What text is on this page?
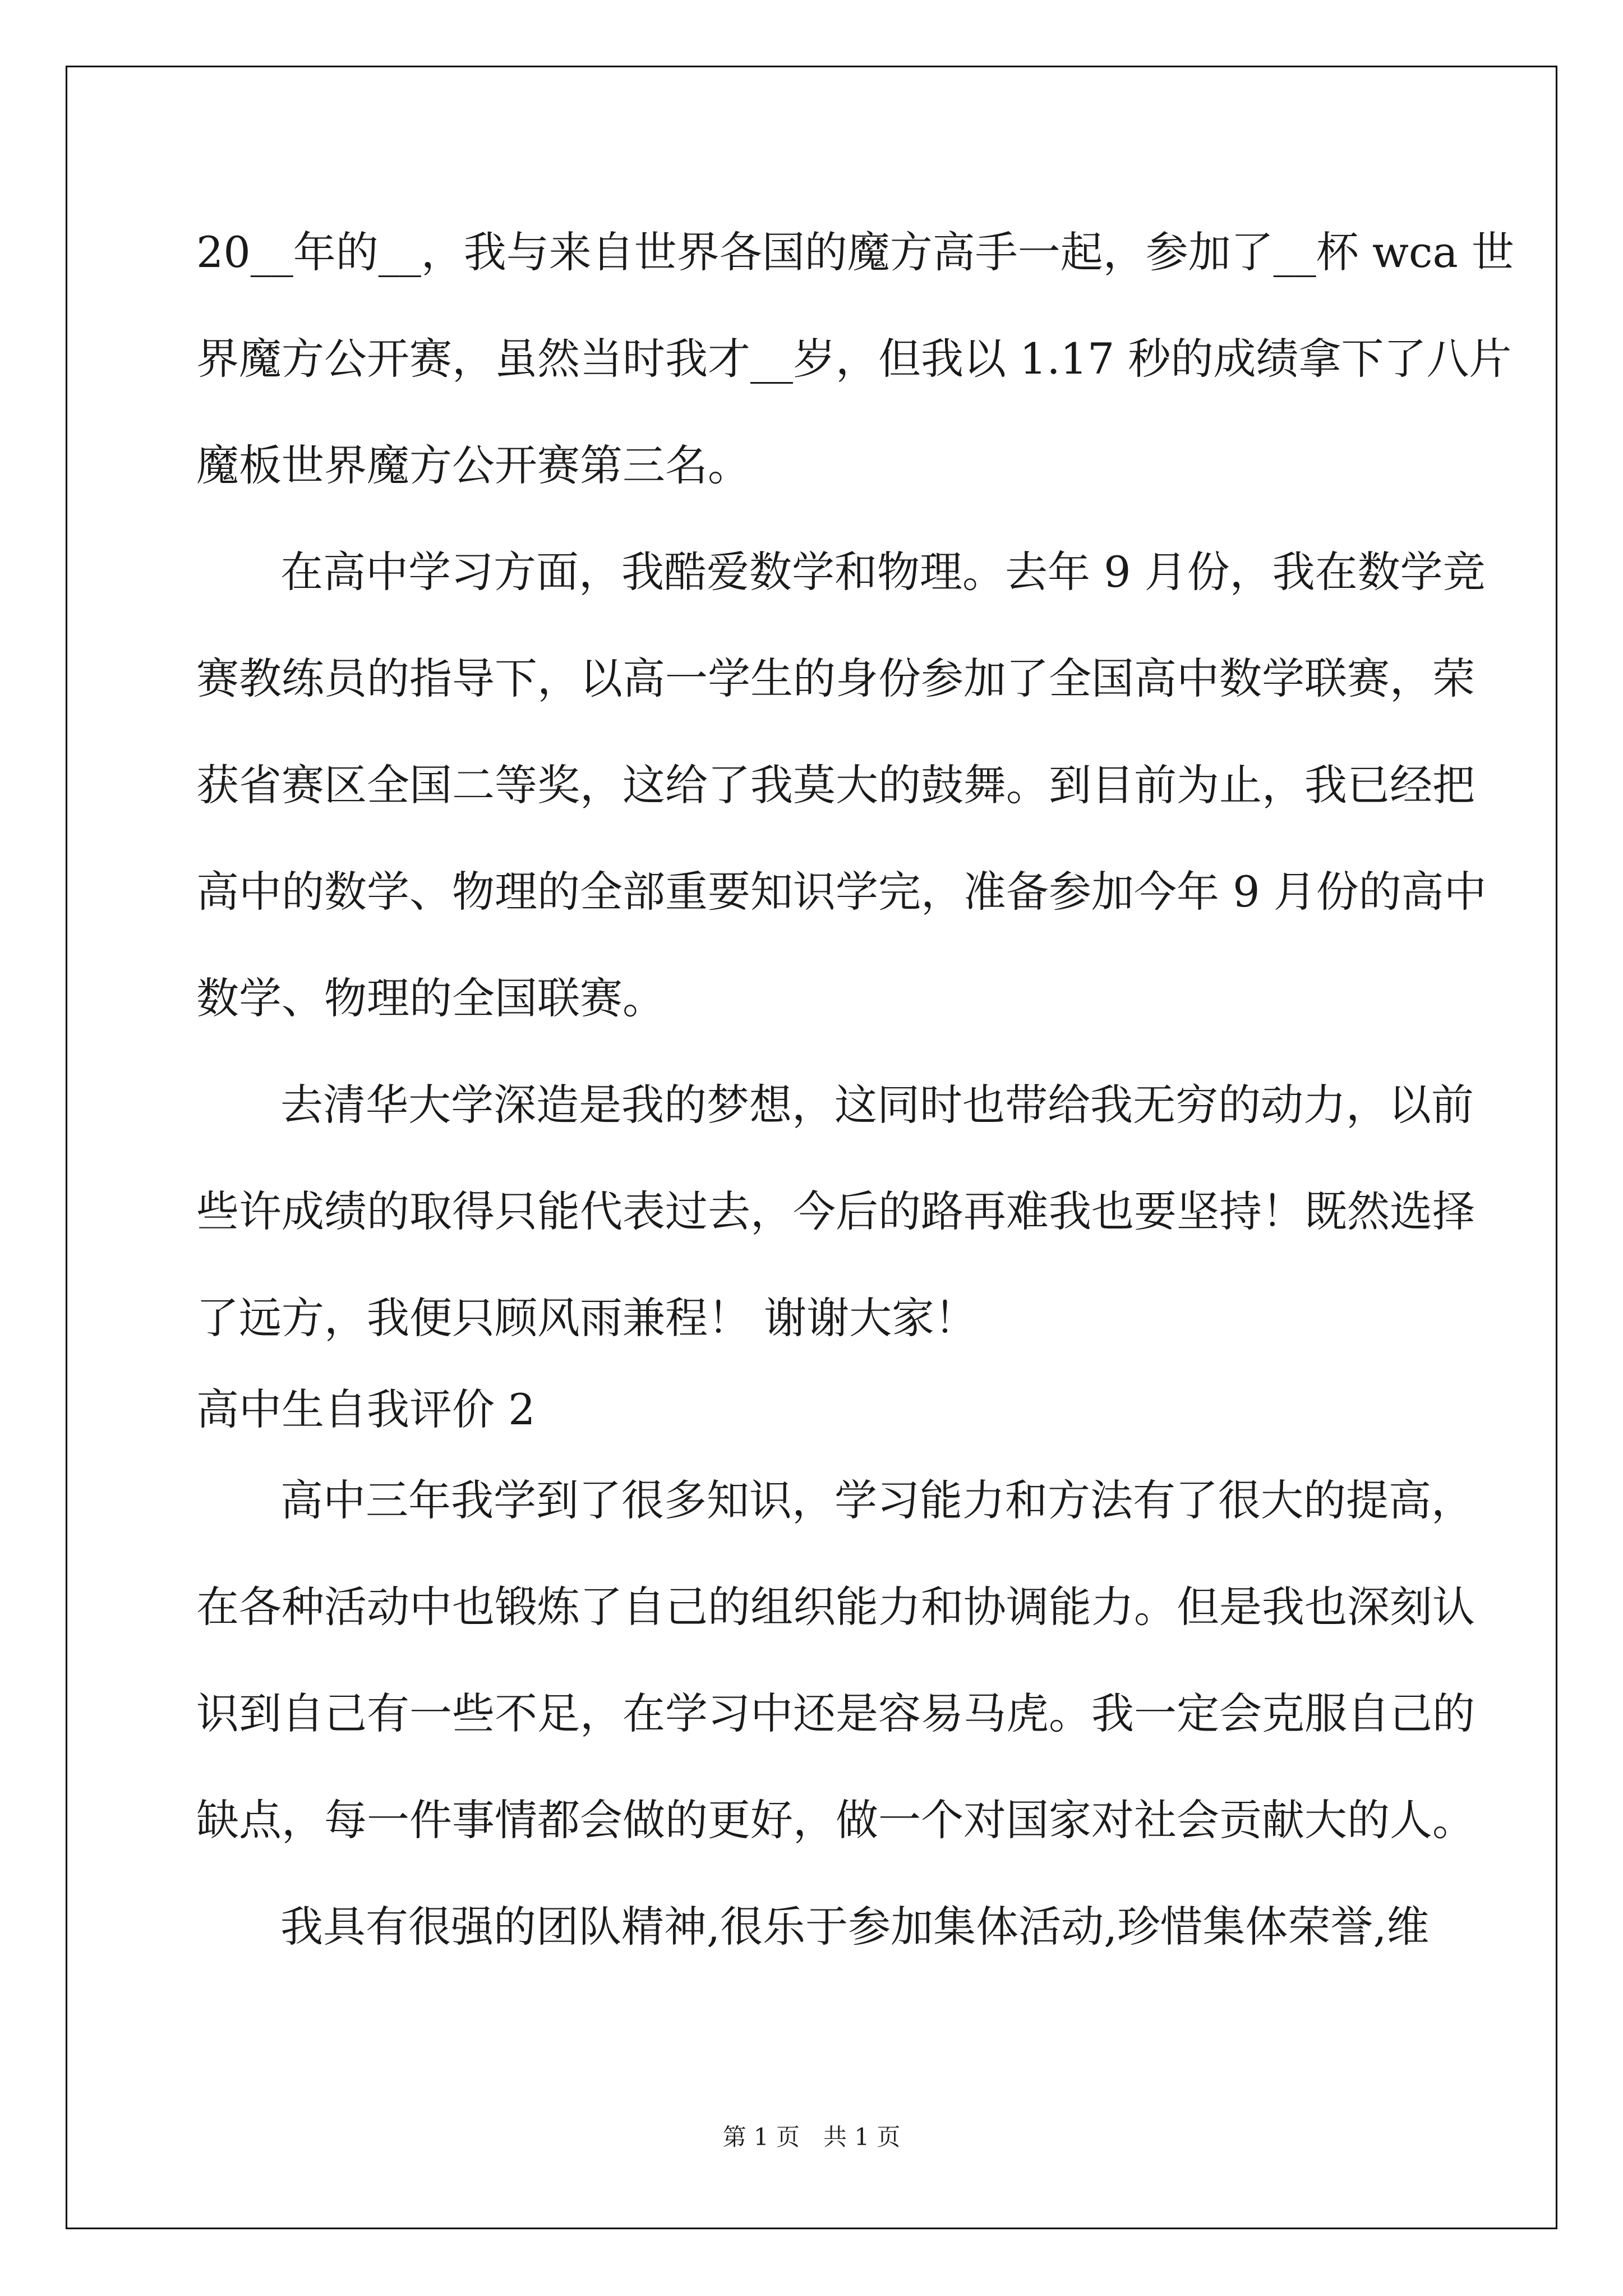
20__年的__，我与来自世界各国的魔方高手一起，参加了__杯 wca 世

界魔方公开赛，虽然当时我才__岁，但我以 1.17 秒的成绩拿下了八片

魔板世界魔方公开赛第三名。

在高中学习方面，我酷爱数学和物理。去年 9 月份，我在数学竞

赛教练员的指导下，以高一学生的身份参加了全国高中数学联赛，荣

获省赛区全国二等奖，这给了我莫大的鼓舞。到目前为止，我已经把

高中的数学、物理的全部重要知识学完，准备参加今年 9 月份的高中

数学、物理的全国联赛。

去清华大学深造是我的梦想，这同时也带给我无穷的动力，以前

些许成绩的取得只能代表过去，今后的路再难我也要坚持！既然选择

了远方，我便只顾风雨兼程！ 谢谢大家！

高中生自我评价 2

高中三年我学到了很多知识，学习能力和方法有了很大的提高，

在各种活动中也锻炼了自己的组织能力和协调能力。但是我也深刻认

识到自己有一些不足，在学习中还是容易马虎。我一定会克服自己的

缺点，每一件事情都会做的更好，做一个对国家对社会贡献大的人。

我具有很强的团队精神,很乐于参加集体活动,珍惜集体荣誉,维

第 1 页　共 1 页
